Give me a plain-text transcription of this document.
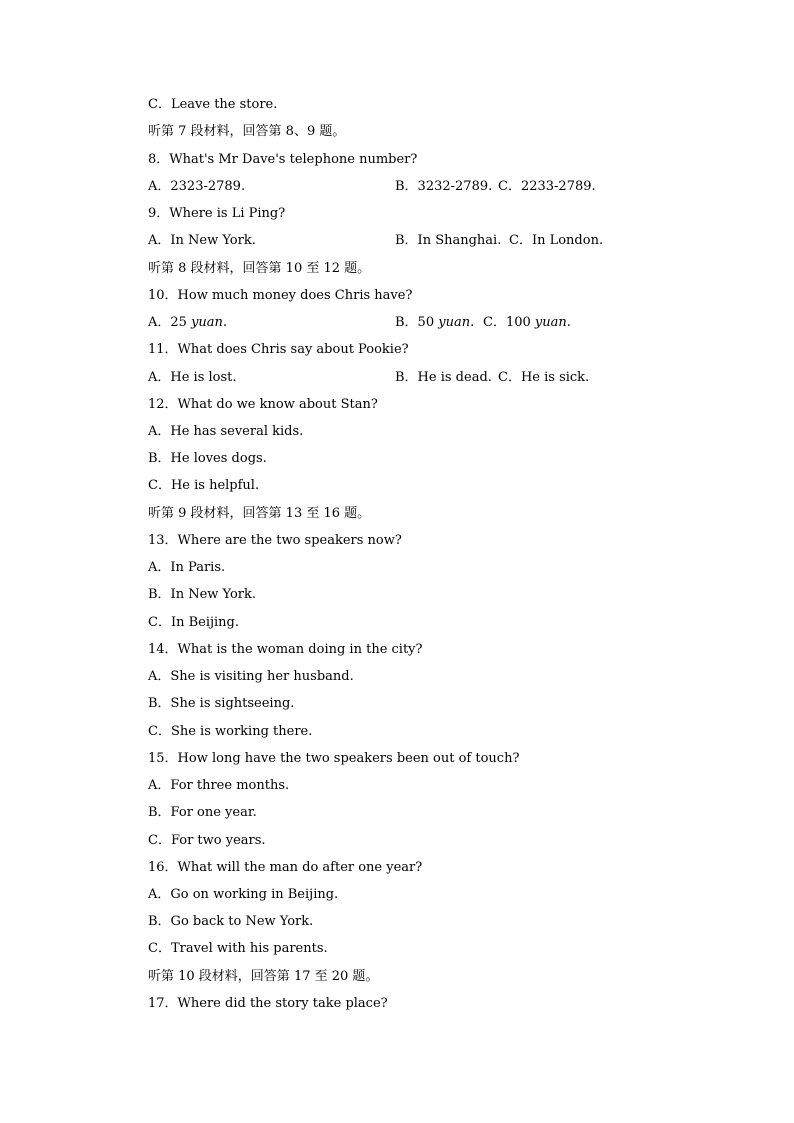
C．Leave the store.
听第 7 段材料，回答第 8、9 题。
8．What's Mr Dave's telephone number?
A．2323-2789.	B．3232-2789. C．2233-2789.
9．Where is Li Ping?
A．In New York.	B．In Shanghai. C．In London.
听第 8 段材料，回答第 10 至 12 题。
10．How much money does Chris have?
A．25 yuan.	B．50 yuan. C．100 yuan.
11．What does Chris say about Pookie?
A．He is lost.	B．He is dead. C．He is sick.
12．What do we know about Stan?
A．He has several kids.
B．He loves dogs.
C．He is helpful.
听第 9 段材料，回答第 13 至 16 题。
13．Where are the two speakers now?
A．In Paris.
B．In New York.
C．In Beijing.
14．What is the woman doing in the city?
A．She is visiting her husband.
B．She is sightseeing.
C．She is working there.
15．How long have the two speakers been out of touch?
A．For three months.
B．For one year.
C．For two years.
16．What will the man do after one year?
A．Go on working in Beijing.
B．Go back to New York.
C．Travel with his parents.
听第 10 段材料，回答第 17 至 20 题。
17．Where did the story take place?
